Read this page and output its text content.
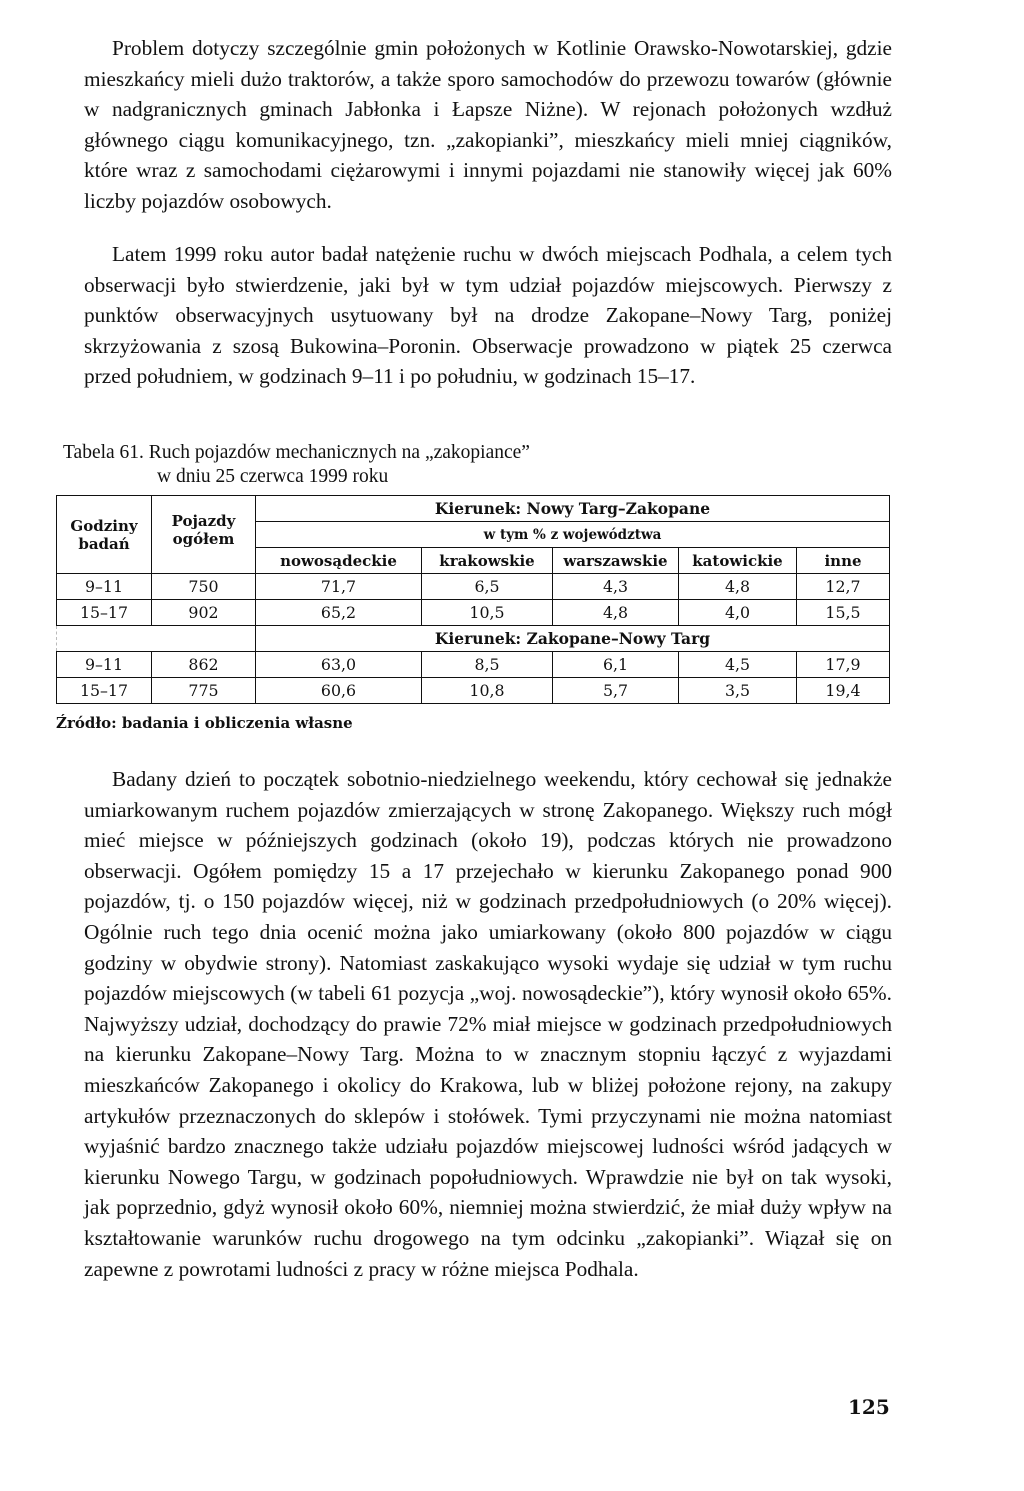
Problem dotyczy szczególnie gmin położonych w Kotlinie Orawsko-Nowotarskiej, gdzie mieszkańcy mieli dużo traktorów, a także sporo samochodów do przewozu towarów (głównie w nadgranicznych gminach Jabłonka i Łapsze Niżne). W rejonach położonych wzdłuż głównego ciągu komunikacyjnego, tzn. „zakopianki”, mieszkańcy mieli mniej ciągników, które wraz z samochodami ciężarowymi i innymi pojazdami nie stanowiły więcej jak 60% liczby pojazdów osobowych.

Latem 1999 roku autor badał natężenie ruchu w dwóch miejscach Podhala, a celem tych obserwacji było stwierdzenie, jaki był w tym udział pojazdów miejscowych. Pierwszy z punktów obserwacyjnych usytuowany był na drodze Zakopane–Nowy Targ, poniżej skrzyżowania z szosą Bukowina–Poronin. Obserwacje prowadzono w piątek 25 czerwca przed południem, w godzinach 9–11 i po południu, w godzinach 15–17.

Tabela 61. Ruch pojazdów mechanicznych na „zakopiance”

w dniu 25 czerwca 1999 roku

Godziny badań	Pojazdy ogółem	Kierunek: Nowy Targ–Zakopane				
		w tym % z województwa				
		nowosądeckie	krakowskie	warszawskie	katowickie	inne
9–11	750	71,7	6,5	4,3	4,8	12,7
15–17	902	65,2	10,5	4,8	4,0	15,5
		Kierunek: Zakopane–Nowy Targ				
9–11	862	63,0	8,5	6,1	4,5	17,9
15–17	775	60,6	10,8	5,7	3,5	19,4

Źródło: badania i obliczenia własne

Badany dzień to początek sobotnio-niedzielnego weekendu, który cechował się jednakże umiarkowanym ruchem pojazdów zmierzających w stronę Zakopanego. Większy ruch mógł mieć miejsce w późniejszych godzinach (około 19), podczas których nie prowadzono obserwacji. Ogółem pomiędzy 15 a 17 przejechało w kierunku Zakopanego ponad 900 pojazdów, tj. o 150 pojazdów więcej, niż w godzinach przedpołudniowych (o 20% więcej). Ogólnie ruch tego dnia ocenić można jako umiarkowany (około 800 pojazdów w ciągu godziny w obydwie strony). Natomiast zaskakująco wysoki wydaje się udział w tym ruchu pojazdów miejscowych (w tabeli 61 pozycja „woj. nowosądeckie”), który wynosił około 65%. Najwyższy udział, dochodzący do prawie 72% miał miejsce w godzinach przedpołudniowych na kierunku Zakopane–Nowy Targ. Można to w znacznym stopniu łączyć z wyjazdami mieszkańców Zakopanego i okolicy do Krakowa, lub w bliżej położone rejony, na zakupy artykułów przeznaczonych do sklepów i stołówek. Tymi przyczynami nie można natomiast wyjaśnić bardzo znacznego także udziału pojazdów miejscowej ludności wśród jadących w kierunku Nowego Targu, w godzinach popołudniowych. Wprawdzie nie był on tak wysoki, jak poprzednio, gdyż wynosił około 60%, niemniej można stwierdzić, że miał duży wpływ na kształtowanie warunków ruchu drogowego na tym odcinku „zakopianki”. Wiązał się on zapewne z powrotami ludności z pracy w różne miejsca Podhala.

125
